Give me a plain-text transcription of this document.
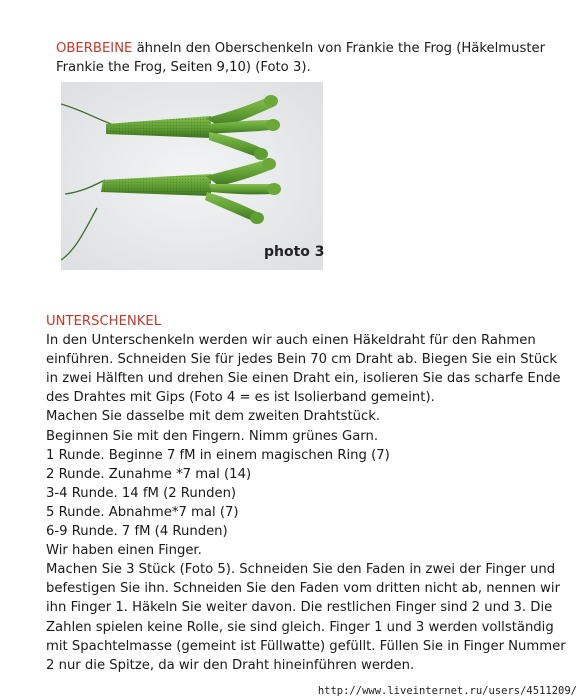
OBERBEINE ähneln den Oberschenkeln von Frankie the Frog (Häkelmuster Frankie the Frog, Seiten 9,10) (Foto 3).
photo 3

UNTERSCHENKEL

In den Unterschenkeln werden wir auch einen Häkeldraht für den Rahmen einführen. Schneiden Sie für jedes Bein 70 cm Draht ab. Biegen Sie ein Stück in zwei Hälften und drehen Sie einen Draht ein, isolieren Sie das scharfe Ende des Drahtes mit Gips (Foto 4 = es ist Isolierband gemeint).

Machen Sie dasselbe mit dem zweiten Drahtstück.

Beginnen Sie mit den Fingern. Nimm grünes Garn.

1 Runde. Beginne 7 fM in einem magischen Ring (7)

2 Runde. Zunahme *7 mal (14)

3-4 Runde. 14 fM (2 Runden)

5 Runde. Abnahme*7 mal (7)

6-9 Runde. 7 fM (4 Runden)

Wir haben einen Finger.

Machen Sie 3 Stück (Foto 5). Schneiden Sie den Faden in zwei der Finger und befestigen Sie ihn. Schneiden Sie den Faden vom dritten nicht ab, nennen wir ihn Finger 1. Häkeln Sie weiter davon. Die restlichen Finger sind 2 und 3. Die Zahlen spielen keine Rolle, sie sind gleich. Finger 1 und 3 werden vollständig mit Spachtelmasse (gemeint ist Füllwatte) gefüllt. Füllen Sie in Finger Nummer 2 nur die Spitze, da wir den Draht hineinführen werden.

http://www.liveinternet.ru/users/4511209/
